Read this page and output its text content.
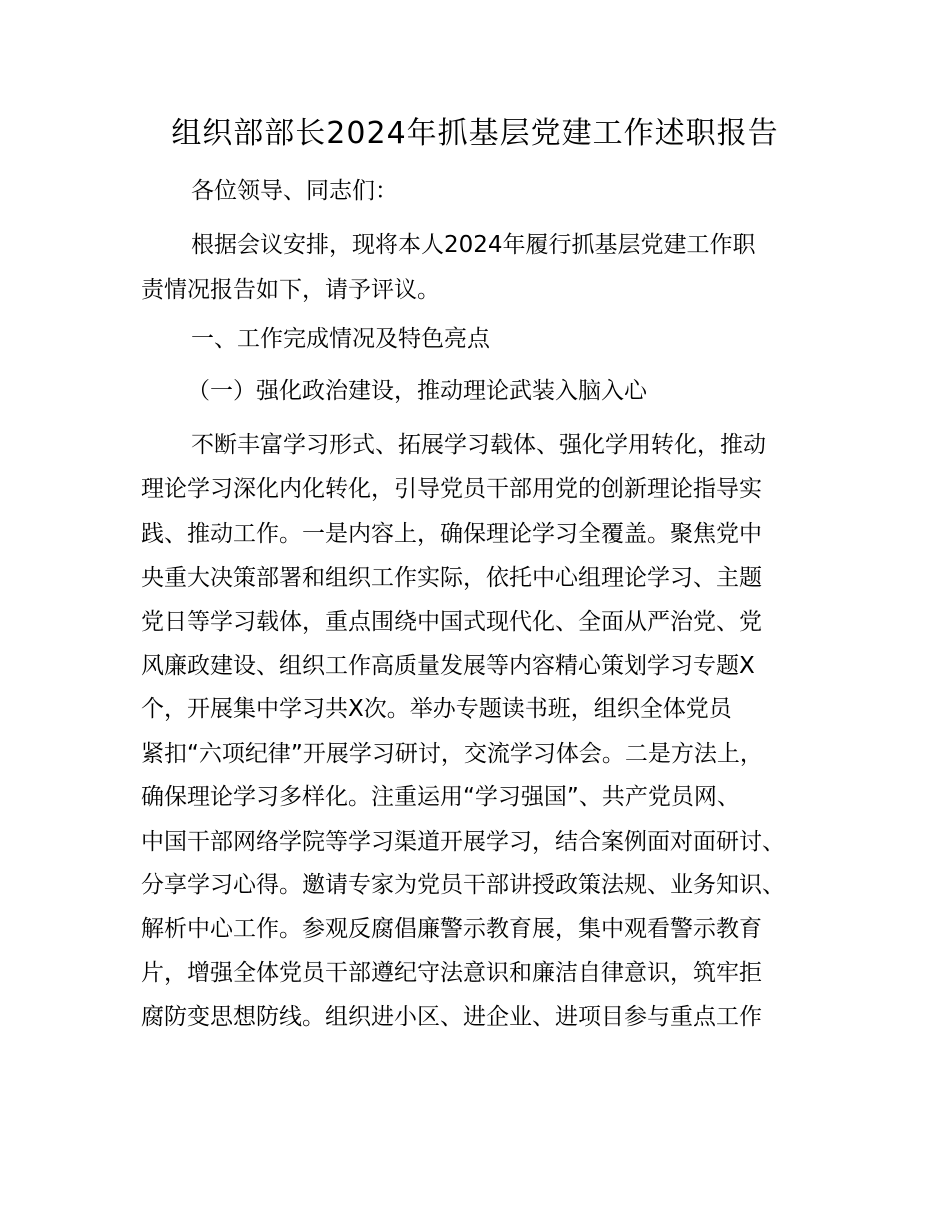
组织部部长2024年抓基层党建工作述职报告
各位领导、同志们：
根据会议安排，现将本人2024年履行抓基层党建工作职
责情况报告如下，请予评议。
一、工作完成情况及特色亮点
（一）强化政治建设，推动理论武装入脑入心
不断丰富学习形式、拓展学习载体、强化学用转化，推动
理论学习深化内化转化，引导党员干部用党的创新理论指导实
践、推动工作。一是内容上，确保理论学习全覆盖。聚焦党中
央重大决策部署和组织工作实际，依托中心组理论学习、主题
党日等学习载体，重点围绕中国式现代化、全面从严治党、党
风廉政建设、组织工作高质量发展等内容精心策划学习专题X
个，开展集中学习共X次。举办专题读书班，组织全体党员
紧扣“六项纪律”开展学习研讨，交流学习体会。二是方法上，
确保理论学习多样化。注重运用“学习强国”、共产党员网、
中国干部网络学院等学习渠道开展学习，结合案例面对面研讨、
分享学习心得。邀请专家为党员干部讲授政策法规、业务知识、
解析中心工作。参观反腐倡廉警示教育展，集中观看警示教育
片，增强全体党员干部遵纪守法意识和廉洁自律意识，筑牢拒
腐防变思想防线。组织进小区、进企业、进项目参与重点工作
